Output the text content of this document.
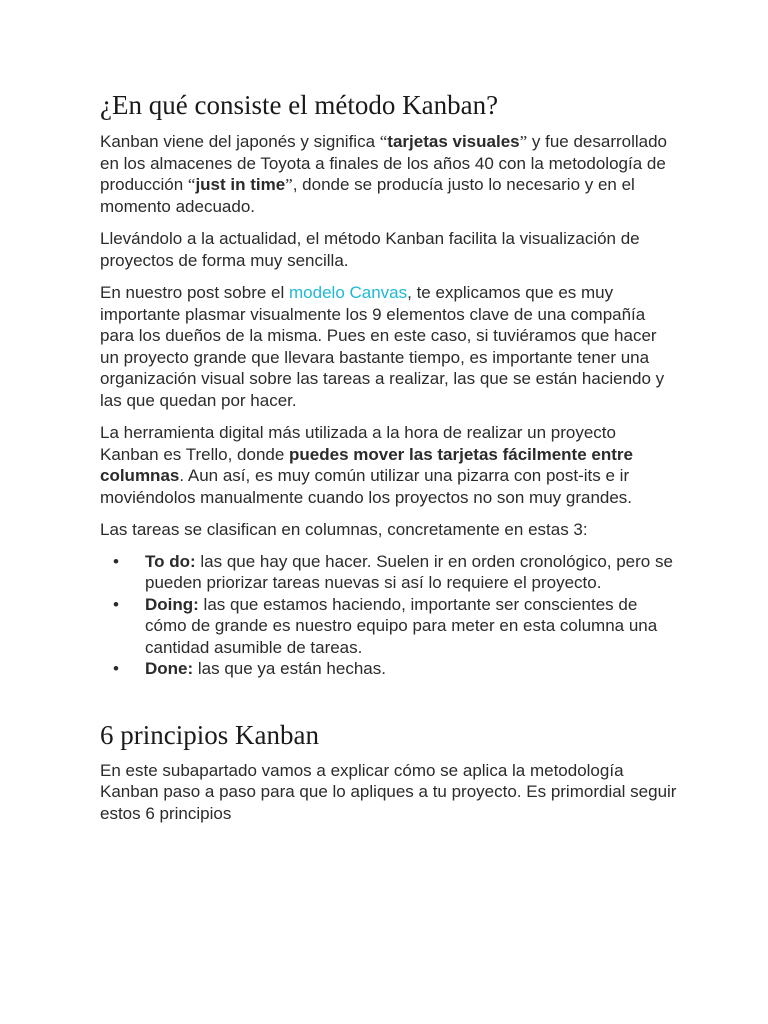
¿En qué consiste el método Kanban?

Kanban viene del japonés y significa “tarjetas visuales” y fue desarrollado en los almacenes de Toyota a finales de los años 40 con la metodología de producción “just in time”, donde se producía justo lo necesario y en el momento adecuado.

Llevándolo a la actualidad, el método Kanban facilita la visualización de proyectos de forma muy sencilla.

En nuestro post sobre el modelo Canvas, te explicamos que es muy importante plasmar visualmente los 9 elementos clave de una compañía para los dueños de la misma. Pues en este caso, si tuviéramos que hacer un proyecto grande que llevara bastante tiempo, es importante tener una organización visual sobre las tareas a realizar, las que se están haciendo y las que quedan por hacer.

La herramienta digital más utilizada a la hora de realizar un proyecto Kanban es Trello, donde puedes mover las tarjetas fácilmente entre columnas. Aun así, es muy común utilizar una pizarra con post-its e ir moviéndolos manualmente cuando los proyectos no son muy grandes.

Las tareas se clasifican en columnas, concretamente en estas 3:

• To do: las que hay que hacer. Suelen ir en orden cronológico, pero se pueden priorizar tareas nuevas si así lo requiere el proyecto.
• Doing: las que estamos haciendo, importante ser conscientes de cómo de grande es nuestro equipo para meter en esta columna una cantidad asumible de tareas.
• Done: las que ya están hechas.
6 principios Kanban

En este subapartado vamos a explicar cómo se aplica la metodología Kanban paso a paso para que lo apliques a tu proyecto. Es primordial seguir estos 6 principios
